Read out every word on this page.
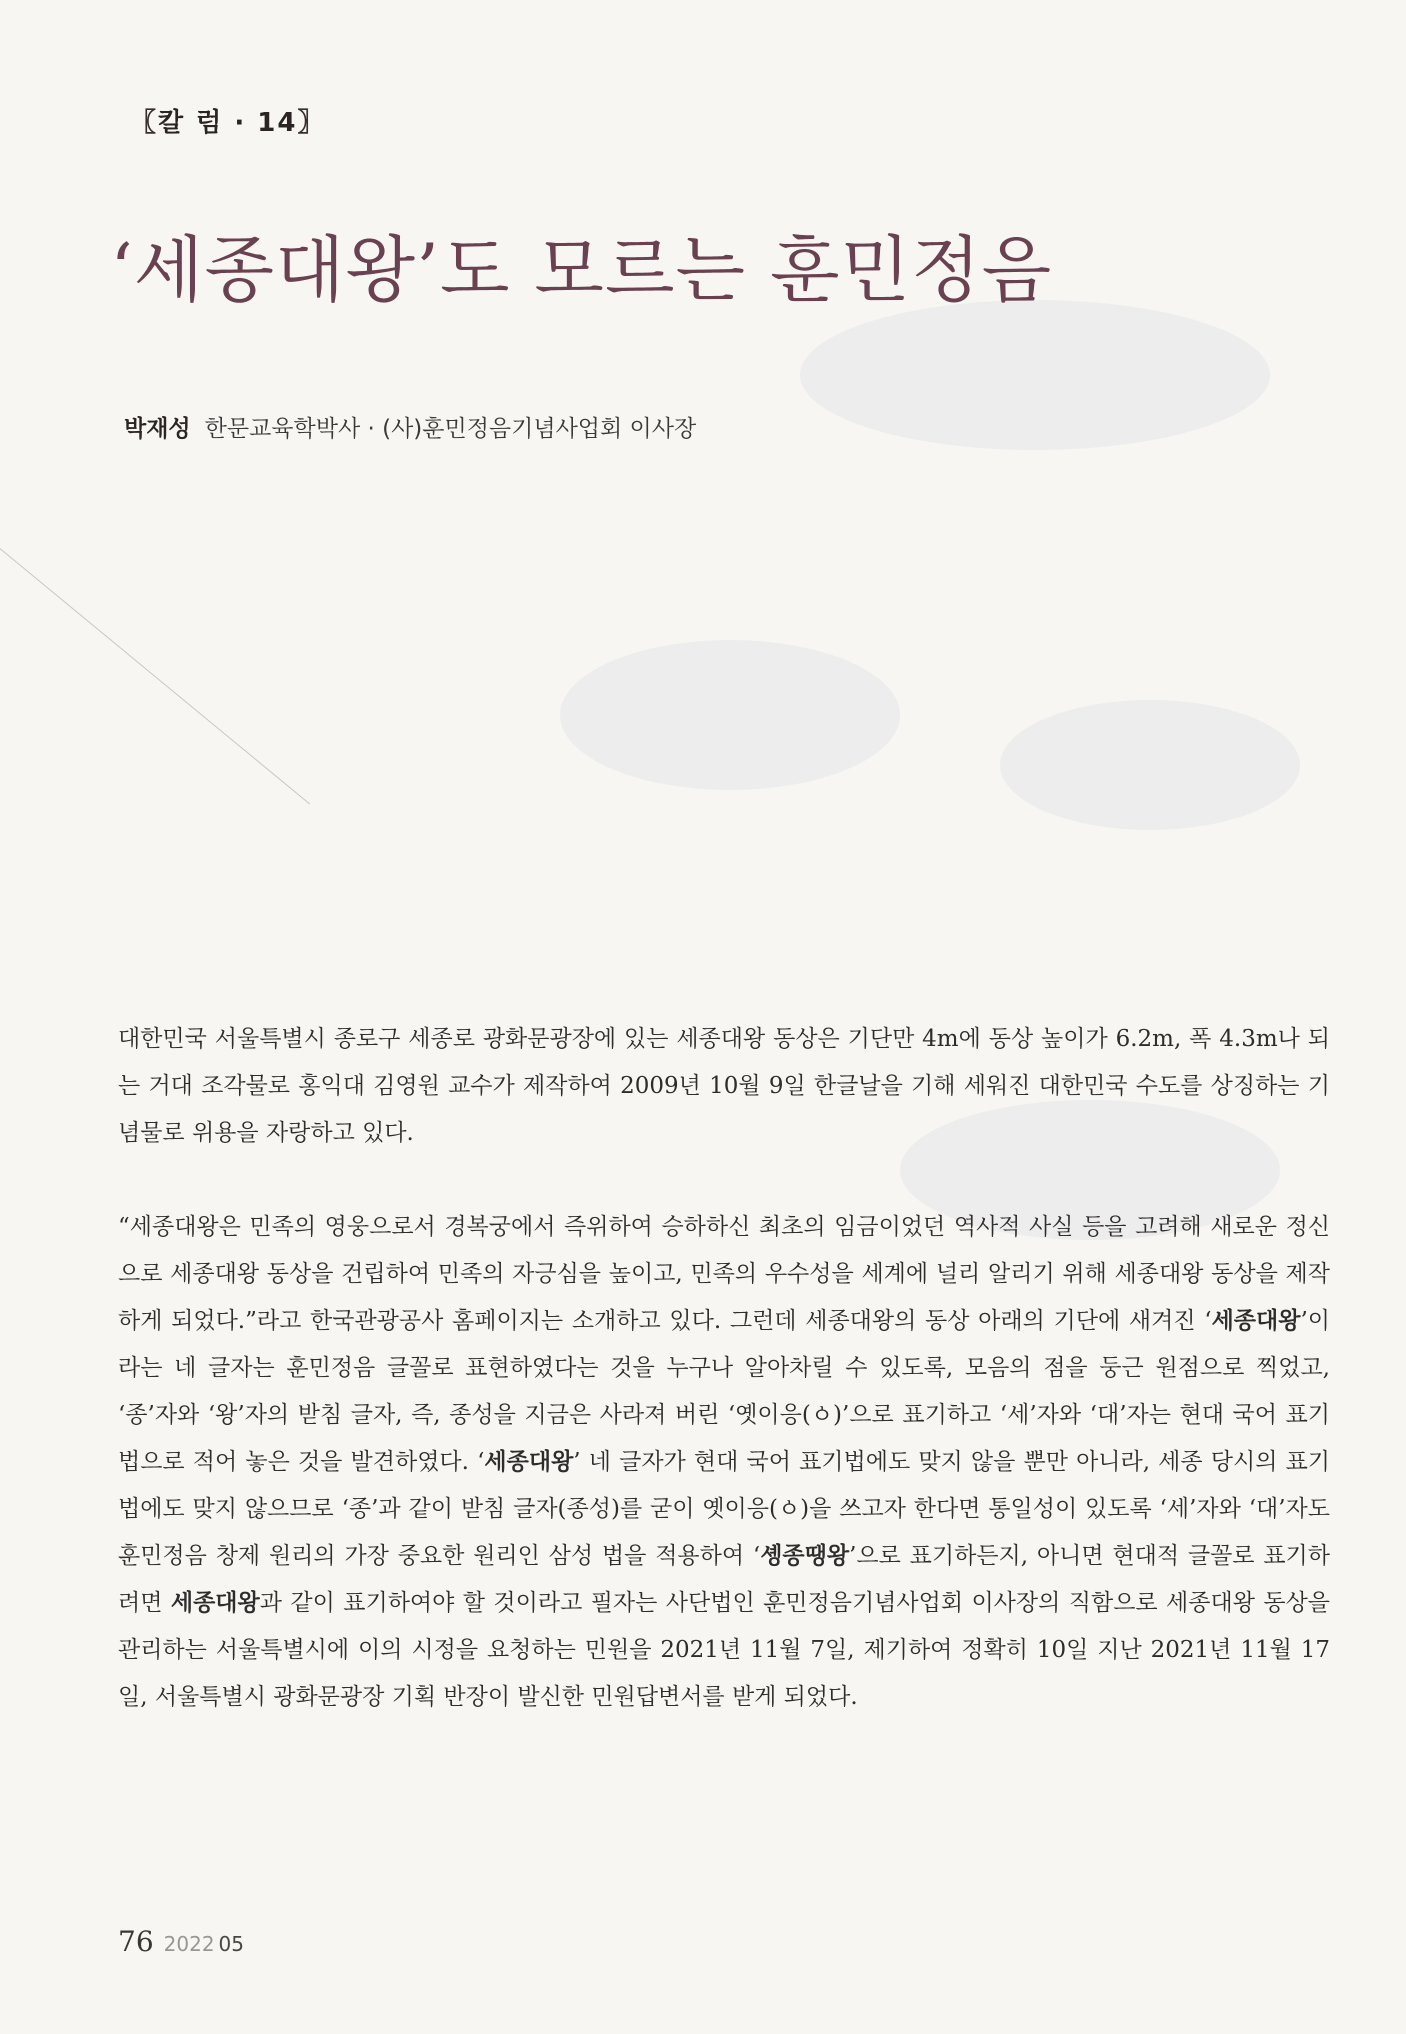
〖칼 럼 · 14〗
‘세종대왕’도 모르는 훈민정음
박재성 한문교육학박사 · (사)훈민정음기념사업회 이사장

대한민국 서울특별시 종로구 세종로 광화문광장에 있는 세종대왕 동상은 기단만 4m에 동상 높이가 6.2m, 폭 4.3m나 되는 거대 조각물로 홍익대 김영원 교수가 제작하여 2009년 10월 9일 한글날을 기해 세워진 대한민국 수도를 상징하는 기념물로 위용을 자랑하고 있다.

“세종대왕은 민족의 영웅으로서 경복궁에서 즉위하여 승하하신 최초의 임금이었던 역사적 사실 등을 고려해 새로운 정신으로 세종대왕 동상을 건립하여 민족의 자긍심을 높이고, 민족의 우수성을 세계에 널리 알리기 위해 세종대왕 동상을 제작하게 되었다.”라고 한국관광공사 홈페이지는 소개하고 있다. 그런데 세종대왕의 동상 아래의 기단에 새겨진 ‘세종대왕’이라는 네 글자는 훈민정음 글꼴로 표현하였다는 것을 누구나 알아차릴 수 있도록, 모음의 점을 둥근 원점으로 찍었고, ‘종’자와 ‘왕’자의 받침 글자, 즉, 종성을 지금은 사라져 버린 ‘옛이응(ㆁ)’으로 표기하고 ‘세’자와 ‘대’자는 현대 국어 표기법으로 적어 놓은 것을 발견하였다. ‘세종대왕’ 네 글자가 현대 국어 표기법에도 맞지 않을 뿐만 아니라, 세종 당시의 표기법에도 맞지 않으므로 ‘종’과 같이 받침 글자(종성)를 굳이 옛이응(ㆁ)을 쓰고자 한다면 통일성이 있도록 ‘세’자와 ‘대’자도 훈민정음 창제 원리의 가장 중요한 원리인 삼성 법을 적용하여 ‘솅종땡왕’으로 표기하든지, 아니면 현대적 글꼴로 표기하려면 세종대왕과 같이 표기하여야 할 것이라고 필자는 사단법인 훈민정음기념사업회 이사장의 직함으로 세종대왕 동상을 관리하는 서울특별시에 이의 시정을 요청하는 민원을 2021년 11월 7일, 제기하여 정확히 10일 지난 2021년 11월 17일, 서울특별시 광화문광장 기획 반장이 발신한 민원답변서를 받게 되었다.

76 2022 05
